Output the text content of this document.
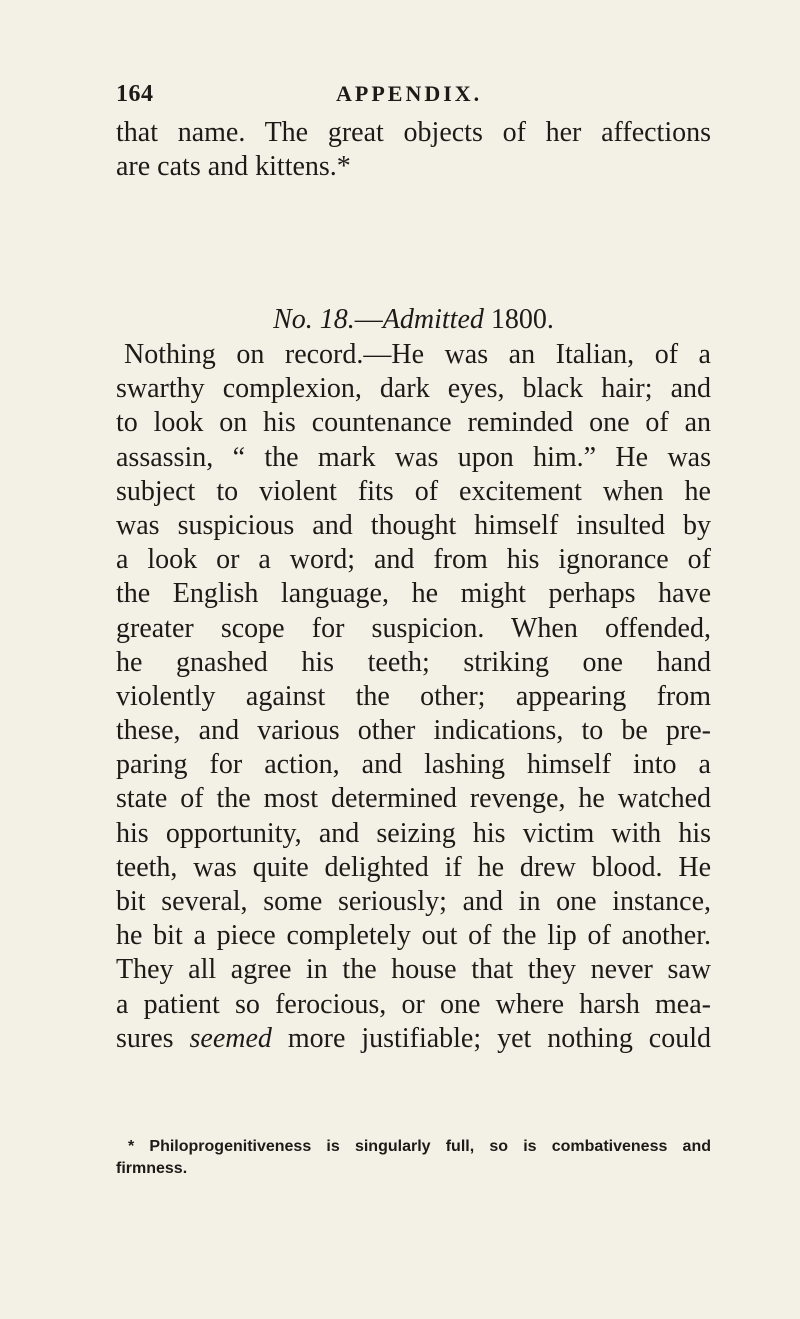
164	APPENDIX.
that name. The great objects of her affections
are cats and kittens.*
No. 18.—Admitted 1800.
Nothing on record.—He was an Italian, of a
swarthy complexion, dark eyes, black hair; and
to look on his countenance reminded one of an
assassin, “ the mark was upon him.” He was
subject to violent fits of excitement when he
was suspicious and thought himself insulted by
a look or a word; and from his ignorance of
the English language, he might perhaps have
greater scope for suspicion. When offended,
he gnashed his teeth; striking one hand
violently against the other; appearing from
these, and various other indications, to be pre-
paring for action, and lashing himself into a
state of the most determined revenge, he watched
his opportunity, and seizing his victim with his
teeth, was quite delighted if he drew blood. He
bit several, some seriously; and in one instance,
he bit a piece completely out of the lip of another.
They all agree in the house that they never saw
a patient so ferocious, or one where harsh mea-
sures seemed more justifiable; yet nothing could
* Philoprogenitiveness is singularly full, so is combativeness and
firmness.
